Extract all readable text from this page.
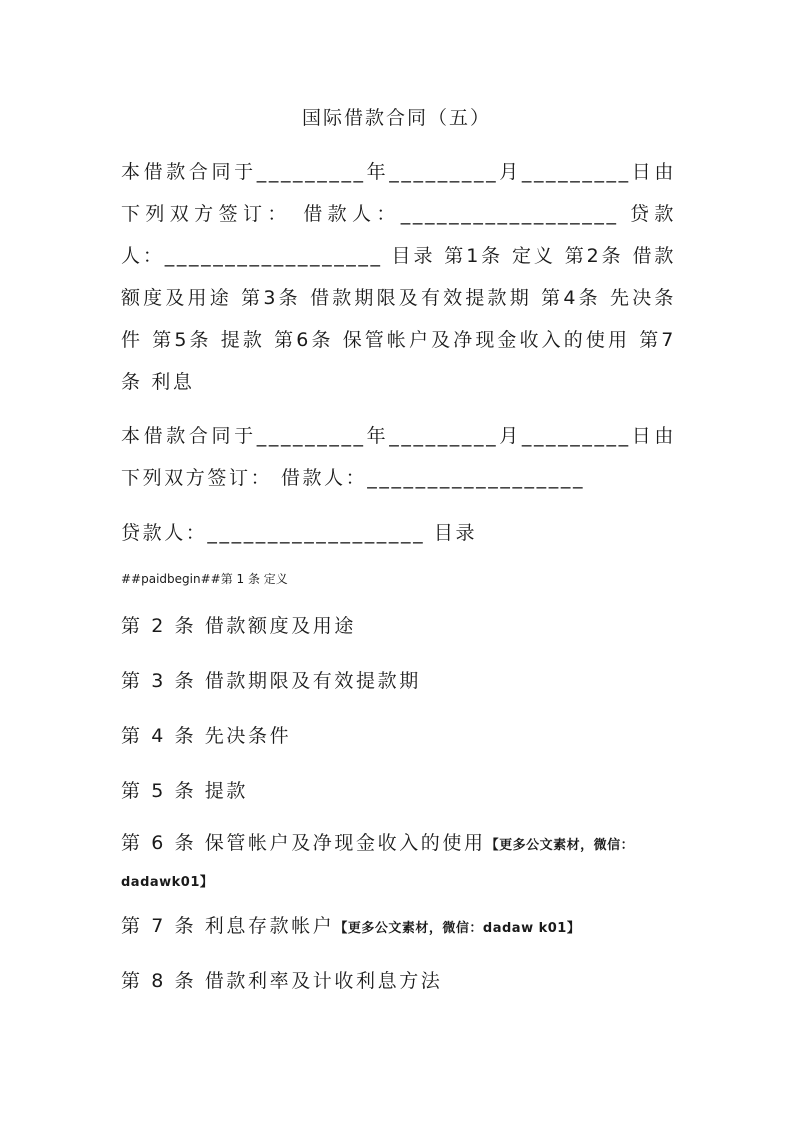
国际借款合同（五）
本借款合同于_________年_________月_________日由下列双方签订： 借款人：__________________ 贷款人：__________________ 目录 第1条 定义 第2条 借款额度及用途 第3条 借款期限及有效提款期 第4条 先决条件 第5条 提款 第6条 保管帐户及净现金收入的使用 第7条 利息
本借款合同于_________年_________月_________日由下列双方签订： 借款人：__________________
贷款人：__________________ 目录
##paidbegin##第 1 条 定义
第 2 条 借款额度及用途
第 3 条 借款期限及有效提款期
第 4 条 先决条件
第 5 条 提款
第 6 条 保管帐户及净现金收入的使用【更多公文素材，微信：dadawk01】
第 7 条 利息存款帐户【更多公文素材，微信：dadaw k01】
第 8 条 借款利率及计收利息方法
